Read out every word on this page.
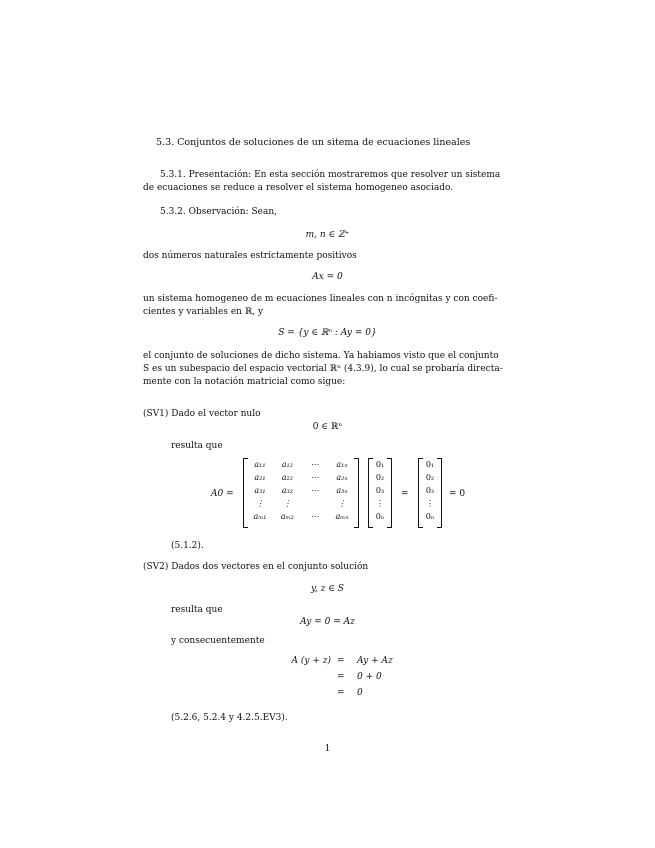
5.3. Conjuntos de soluciones de un sitema de ecuaciones lineales
5.3.1. Presentación: En esta sección mostraremos que resolver un sistema
de ecuaciones se reduce a resolver el sistema homogeneo asociado.
5.3.2. Observación: Sean,
m, n ∈ ℤ⁺
dos números naturales estrictamente positivos
Ax = 0
un sistema homogeneo de m ecuaciones lineales con n incógnitas y con coefi-
cientes y variables en ℝ, y
S = {y ∈ ℝⁿ : Ay = 0}
el conjunto de soluciones de dicho sistema. Ya habiamos visto que el conjunto
S es un subespacio del espacio vectorial ℝⁿ (4.3.9), lo cual se probaría directa-
mente con la notación matricial como sigue:
(SV1) Dado el vector nulo
0 ∈ ℝⁿ
resulta que
A0 =
a₁₁	a₁₂	⋯	a₁ₙ
a₂₁	a₂₂	⋯	a₂ₙ
a₃₁	a₃₂	⋯	a₃ₙ
⋮	⋮	⋮
aₘ₁	aₘ₂	⋯	aₘₙ
0₁
0₂
0₃
⋮
0ₙ
=
0₁
0₂
0₃
⋮
0ₙ
= 0
(5.1.2).
(SV2) Dados dos vectores en el conjunto solución
y, z ∈ S
resulta que
Ay = 0 = Az
y consecuentemente
A (y + z) = Ay + Az
= 0 + 0
= 0
(5.2.6, 5.2.4 y 4.2.5.EV3).
1
